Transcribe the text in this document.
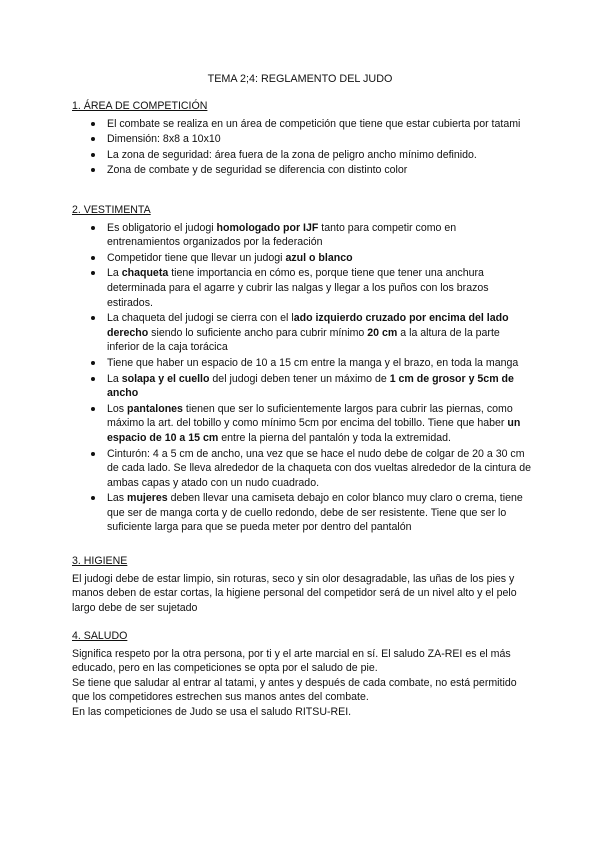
TEMA 2;4: REGLAMENTO DEL JUDO
1. ÁREA DE COMPETICIÓN
El combate se realiza en un área de competición que tiene que estar cubierta por tatami
Dimensión: 8x8 a 10x10
La zona de seguridad: área fuera de la zona de peligro ancho mínimo definido.
Zona de combate y de seguridad se diferencia con distinto color
2. VESTIMENTA
Es obligatorio el judogi homologado por IJF tanto para competir como en entrenamientos organizados por la federación
Competidor tiene que llevar un judogi azul o blanco
La chaqueta tiene importancia en cómo es, porque tiene que tener una anchura determinada para el agarre y cubrir las nalgas y llegar a los puños con los brazos estirados.
La chaqueta del judogi se cierra con el lado izquierdo cruzado por encima del lado derecho siendo lo suficiente ancho para cubrir mínimo 20 cm a la altura de la parte inferior de la caja torácica
Tiene que haber un espacio de 10 a 15 cm entre la manga y el brazo, en toda la manga
La solapa y el cuello del judogi deben tener un máximo de 1 cm de grosor y 5cm de ancho
Los pantalones tienen que ser lo suficientemente largos para cubrir las piernas, como máximo la art. del tobillo y como mínimo 5cm por encima del tobillo. Tiene que haber un espacio de 10 a 15 cm entre la pierna del pantalón y toda la extremidad.
Cinturón: 4 a 5 cm de ancho, una vez que se hace el nudo debe de colgar de 20 a 30 cm de cada lado. Se lleva alrededor de la chaqueta con dos vueltas alrededor de la cintura de ambas capas y atado con un nudo cuadrado.
Las mujeres deben llevar una camiseta debajo en color blanco muy claro o crema, tiene que ser de manga corta y de cuello redondo, debe de ser resistente. Tiene que ser lo suficiente larga para que se pueda meter por dentro del pantalón
3. HIGIENE

El judogi debe de estar limpio, sin roturas, seco y sin olor desagradable, las uñas de los pies y manos deben de estar cortas, la higiene personal del competidor será de un nivel alto y el pelo largo debe de ser sujetado

4. SALUDO

Significa respeto por la otra persona, por ti y el arte marcial en sí. El saludo ZA-REI es el más educado, pero en las competiciones se opta por el saludo de pie.

Se tiene que saludar al entrar al tatami, y antes y después de cada combate, no está permitido que los competidores estrechen sus manos antes del combate.

En las competiciones de Judo se usa el saludo RITSU-REI.
